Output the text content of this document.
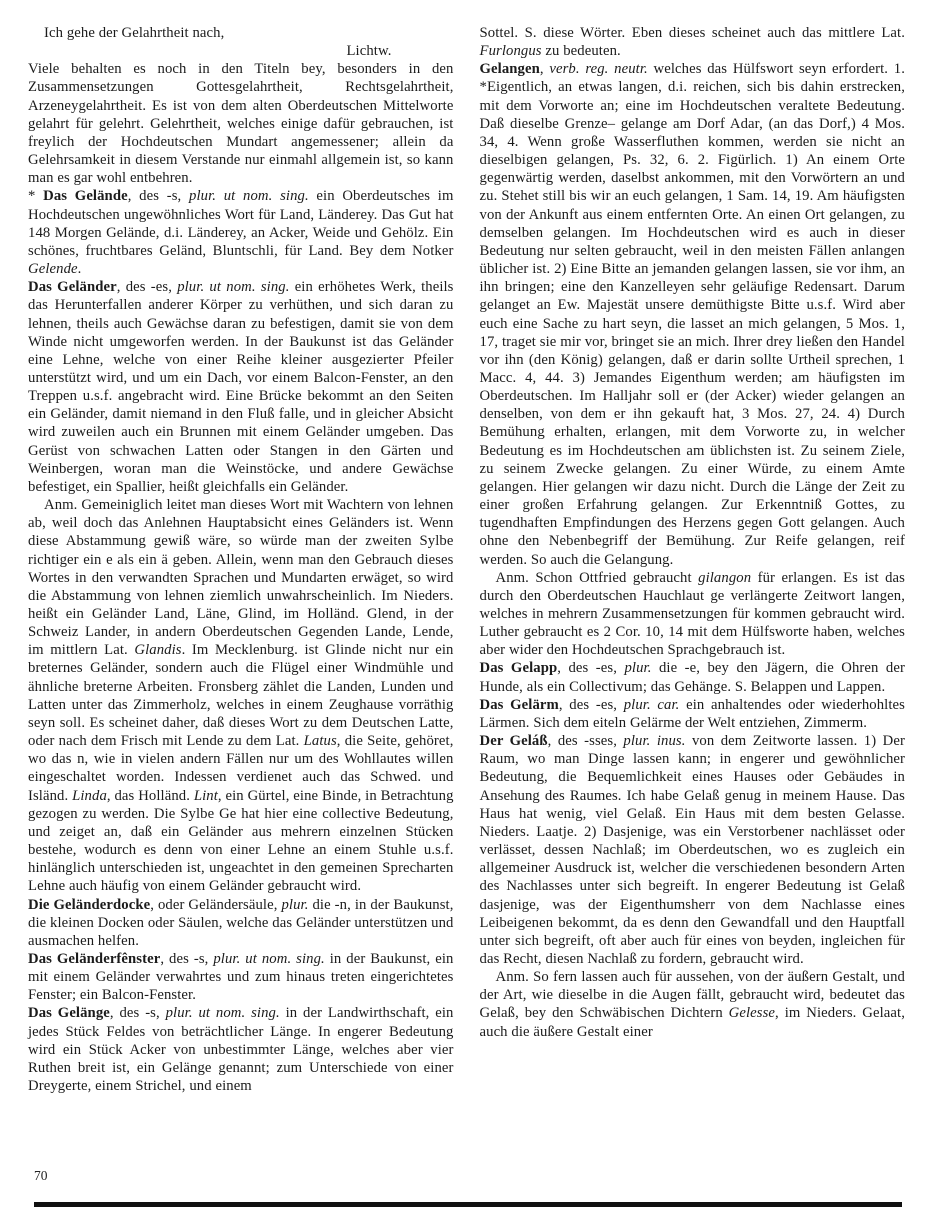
Ich gehe der Gelahrtheit nach,

Lichtw.

Viele behalten es noch in den Titeln bey, besonders in den Zusammensetzungen Gottesgelahrtheit, Rechtsgelahrtheit, Arzeneygelahrtheit. Es ist von dem alten Oberdeutschen Mittelworte gelahrt für gelehrt. Gelehrtheit, welches einige dafür gebrauchen, ist freylich der Hochdeutschen Mundart angemessener; allein da Gelehrsamkeit in diesem Verstande nur einmahl allgemein ist, so kann man es gar wohl entbehren.

* Das Gelände, des -s, plur. ut nom. sing. ein Oberdeutsches im Hochdeutschen ungewöhnliches Wort für Land, Länderey. Das Gut hat 148 Morgen Gelände, d.i. Länderey, an Acker, Weide und Gehölz. Ein schönes, fruchtbares Geländ, Bluntschli, für Land. Bey dem Notker Gelende.

Das Geländer, des -es, plur. ut nom. sing. ein erhöhetes Werk, theils das Herunterfallen anderer Körper zu verhüthen, und sich daran zu lehnen, theils auch Gewächse daran zu befestigen, damit sie von dem Winde nicht umgeworfen werden. In der Baukunst ist das Geländer eine Lehne, welche von einer Reihe kleiner ausgezierter Pfeiler unterstützt wird, und um ein Dach, vor einem Balcon-Fenster, an den Treppen u.s.f. angebracht wird. Eine Brücke bekommt an den Seiten ein Geländer, damit niemand in den Fluß falle, und in gleicher Absicht wird zuweilen auch ein Brunnen mit einem Geländer umgeben. Das Gerüst von schwachen Latten oder Stangen in den Gärten und Weinbergen, woran man die Weinstöcke, und andere Gewächse befestiget, ein Spallier, heißt gleichfalls ein Geländer.

Anm. Gemeiniglich leitet man dieses Wort mit Wachtern von lehnen ab, weil doch das Anlehnen Hauptabsicht eines Geländers ist. Wenn diese Abstammung gewiß wäre, so würde man der zweiten Sylbe richtiger ein e als ein ä geben. Allein, wenn man den Gebrauch dieses Wortes in den verwandten Sprachen und Mundarten erwäget, so wird die Abstammung von lehnen ziemlich unwahrscheinlich. Im Nieders. heißt ein Geländer Land, Läne, Glind, im Holländ. Glend, in der Schweiz Lander, in andern Oberdeutschen Gegenden Lande, Lende, im mittlern Lat. Glandis. Im Mecklenburg. ist Glinde nicht nur ein breternes Geländer, sondern auch die Flügel einer Windmühle und ähnliche breterne Arbeiten. Fronsberg zählet die Landen, Lunden und Latten unter das Zimmerholz, welches in einem Zeughause vorräthig seyn soll. Es scheinet daher, daß dieses Wort zu dem Deutschen Latte, oder nach dem Frisch mit Lende zu dem Lat. Latus, die Seite, gehöret, wo das n, wie in vielen andern Fällen nur um des Wohllautes willen eingeschaltet worden. Indessen verdienet auch das Schwed. und Isländ. Linda, das Holländ. Lint, ein Gürtel, eine Binde, in Betrachtung gezogen zu werden. Die Sylbe Ge hat hier eine collective Bedeutung, und zeiget an, daß ein Geländer aus mehrern einzelnen Stücken bestehe, wodurch es denn von einer Lehne an einem Stuhle u.s.f. hinlänglich unterschieden ist, ungeachtet in den gemeinen Sprecharten Lehne auch häufig von einem Geländer gebraucht wird.

Die Geländerdocke, oder Geländersäule, plur. die -n, in der Baukunst, die kleinen Docken oder Säulen, welche das Geländer unterstützen und ausmachen helfen.

Das Geländerfênster, des -s, plur. ut nom. sing. in der Baukunst, ein mit einem Geländer verwahrtes und zum hinaus treten eingerichtetes Fenster; ein Balcon-Fenster.

Das Gelänge, des -s, plur. ut nom. sing. in der Landwirthschaft, ein jedes Stück Feldes von beträchtlicher Länge. In engerer Bedeutung wird ein Stück Acker von unbestimmter Länge, welches aber vier Ruthen breit ist, ein Gelänge genannt; zum Unterschiede von einer Dreygerte, einem Strichel, und einem

Sottel. S. diese Wörter. Eben dieses scheinet auch das mittlere Lat. Furlongus zu bedeuten.

Gelangen, verb. reg. neutr. welches das Hülfswort seyn erfordert. 1. *Eigentlich, an etwas langen, d.i. reichen, sich bis dahin erstrecken, mit dem Vorworte an; eine im Hochdeutschen veraltete Bedeutung. Daß dieselbe Grenze– gelange am Dorf Adar, (an das Dorf,) 4 Mos. 34, 4. Wenn große Wasserfluthen kommen, werden sie nicht an dieselbigen gelangen, Ps. 32, 6. 2. Figürlich. 1) An einem Orte gegenwärtig werden, daselbst ankommen, mit den Vorwörtern an und zu. Stehet still bis wir an euch gelangen, 1 Sam. 14, 19. Am häufigsten von der Ankunft aus einem entfernten Orte. An einen Ort gelangen, zu demselben gelangen. Im Hochdeutschen wird es auch in dieser Bedeutung nur selten gebraucht, weil in den meisten Fällen anlangen üblicher ist. 2) Eine Bitte an jemanden gelangen lassen, sie vor ihm, an ihn bringen; eine den Kanzelleyen sehr geläufige Redensart. Darum gelanget an Ew. Majestät unsere demüthigste Bitte u.s.f. Wird aber euch eine Sache zu hart seyn, die lasset an mich gelangen, 5 Mos. 1, 17, traget sie mir vor, bringet sie an mich. Ihrer drey ließen den Handel vor ihn (den König) gelangen, daß er darin sollte Urtheil sprechen, 1 Macc. 4, 44. 3) Jemandes Eigenthum werden; am häufigsten im Oberdeutschen. Im Halljahr soll er (der Acker) wieder gelangen an denselben, von dem er ihn gekauft hat, 3 Mos. 27, 24. 4) Durch Bemühung erhalten, erlangen, mit dem Vorworte zu, in welcher Bedeutung es im Hochdeutschen am üblichsten ist. Zu seinem Ziele, zu seinem Zwecke gelangen. Zu einer Würde, zu einem Amte gelangen. Hier gelangen wir dazu nicht. Durch die Länge der Zeit zu einer großen Erfahrung gelangen. Zur Erkenntniß Gottes, zu tugendhaften Empfindungen des Herzens gegen Gott gelangen. Auch ohne den Nebenbegriff der Bemühung. Zur Reife gelangen, reif werden. So auch die Gelangung.

Anm. Schon Ottfried gebraucht gilangon für erlangen. Es ist das durch den Oberdeutschen Hauchlaut ge verlängerte Zeitwort langen, welches in mehrern Zusammensetzungen für kommen gebraucht wird. Luther gebraucht es 2 Cor. 10, 14 mit dem Hülfsworte haben, welches aber wider den Hochdeutschen Sprachgebrauch ist.

Das Gelapp, des -es, plur. die -e, bey den Jägern, die Ohren der Hunde, als ein Collectivum; das Gehänge. S. Belappen und Lappen.

Das Gelärm, des -es, plur. car. ein anhaltendes oder wiederhohltes Lärmen. Sich dem eiteln Gelärme der Welt entziehen, Zimmerm.

Der Geláß, des -sses, plur. inus. von dem Zeitworte lassen. 1) Der Raum, wo man Dinge lassen kann; in engerer und gewöhnlicher Bedeutung, die Bequemlichkeit eines Hauses oder Gebäudes in Ansehung des Raumes. Ich habe Gelaß genug in meinem Hause. Das Haus hat wenig, viel Gelaß. Ein Haus mit dem besten Gelasse. Nieders. Laatje. 2) Dasjenige, was ein Verstorbener nachlässet oder verlässet, dessen Nachlaß; im Oberdeutschen, wo es zugleich ein allgemeiner Ausdruck ist, welcher die verschiedenen besondern Arten des Nachlasses unter sich begreift. In engerer Bedeutung ist Gelaß dasjenige, was der Eigenthumsherr von dem Nachlasse eines Leibeigenen bekommt, da es denn den Gewandfall und den Hauptfall unter sich begreift, oft aber auch für eines von beyden, ingleichen für das Recht, diesen Nachlaß zu fordern, gebraucht wird.

Anm. So fern lassen auch für aussehen, von der äußern Gestalt, und der Art, wie dieselbe in die Augen fällt, gebraucht wird, bedeutet das Gelaß, bey den Schwäbischen Dichtern Gelesse, im Nieders. Gelaat, auch die äußere Gestalt einer

70
